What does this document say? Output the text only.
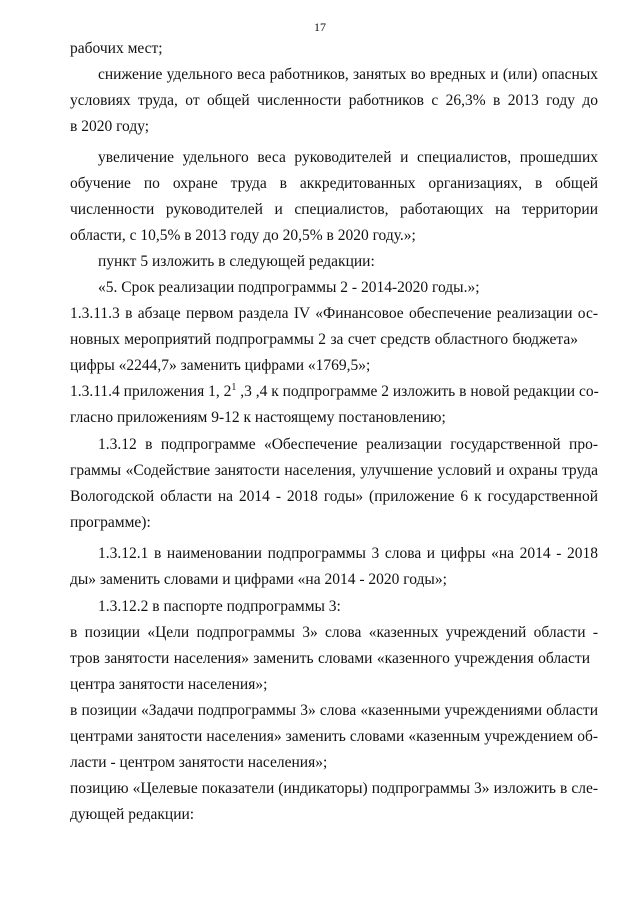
17
рабочих мест;
снижение удельного веса работников, занятых во вредных и (или) опасных
условиях труда, от общей численности работников с 26,3% в 2013 году до
в 2020 году;
увеличение удельного веса руководителей и специалистов, прошедших
обучение по охране труда в аккредитованных организациях, в общей
численности руководителей и специалистов, работающих на территории
области, с 10,5% в 2013 году до 20,5% в 2020 году.»;
пункт 5 изложить в следующей редакции:
«5. Срок реализации подпрограммы 2 - 2014-2020 годы.»;
1.3.11.3 в абзаце первом раздела IV «Финансовое обеспечение реализации ос-
новных мероприятий подпрограммы 2 за счет средств областного бюджета»
цифры «2244,7» заменить цифрами «1769,5»;
1.3.11.4 приложения 1, $2^1$ ,3 ,4 к подпрограмме 2 изложить в новой редакции со-
гласно приложениям 9-12 к настоящему постановлению;
1.3.12 в подпрограмме «Обеспечение реализации государственной про-
граммы «Содействие занятости населения, улучшение условий и охраны труда
Вологодской области на 2014 - 2018 годы» (приложение 6 к государственной
программе):
1.3.12.1 в наименовании подпрограммы 3 слова и цифры «на 2014 - 2018
ды» заменить словами и цифрами «на 2014 - 2020 годы»;
1.3.12.2 в паспорте подпрограммы 3:
в позиции «Цели подпрограммы 3» слова «казенных учреждений области -
тров занятости населения» заменить словами «казенного учреждения области
центра занятости населения»;
в позиции «Задачи подпрограммы 3» слова «казенными учреждениями области
центрами занятости населения» заменить словами «казенным учреждением об-
ласти - центром занятости населения»;
позицию «Целевые показатели (индикаторы) подпрограммы 3» изложить в сле-
дующей редакции:
